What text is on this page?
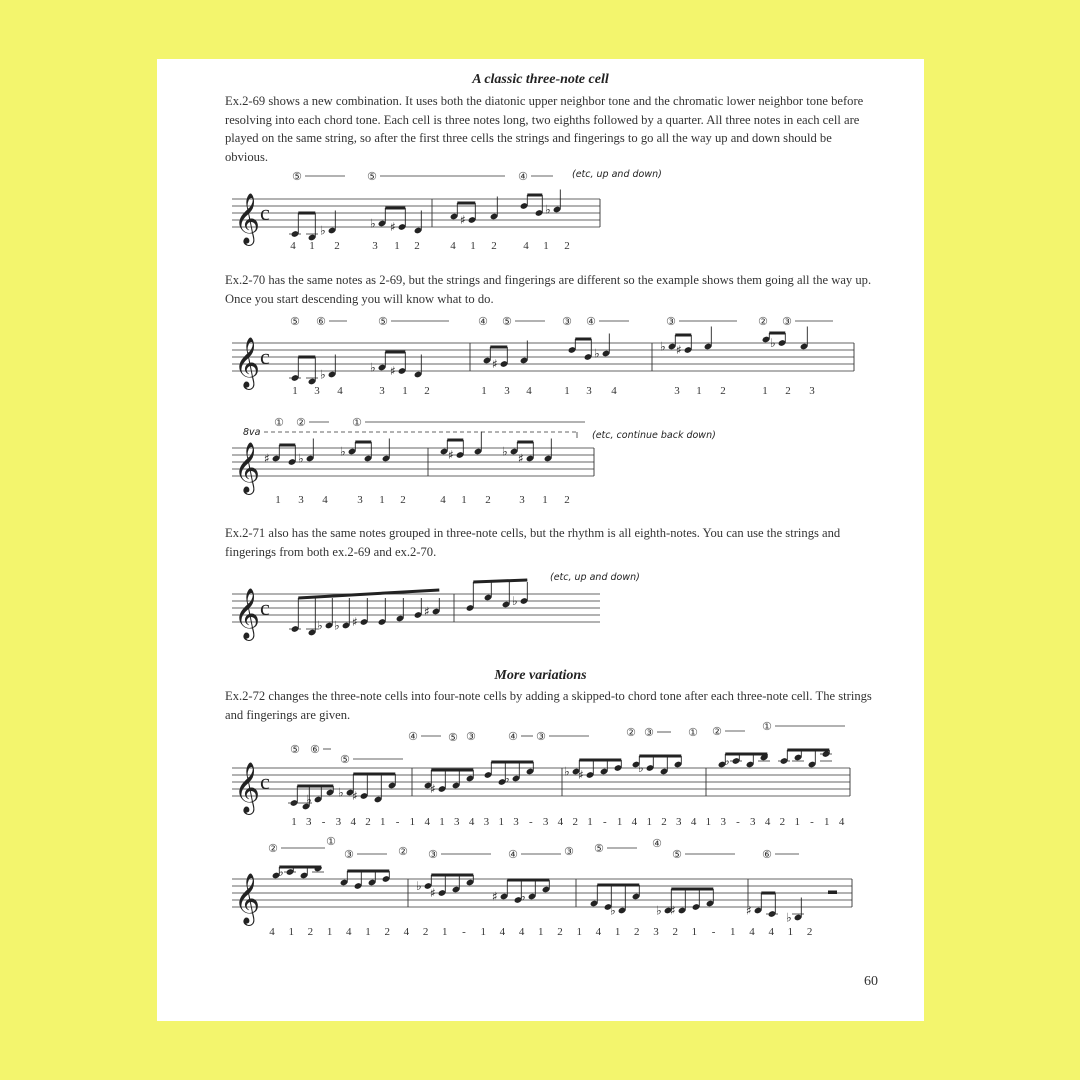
A classic three-note cell
Ex.2-69 shows a new combination. It uses both the diatonic upper neighbor tone and the chromatic lower neighbor tone before resolving into each chord tone. Each cell is three notes long, two eighths followed by a quarter. All three notes in each cell are played on the same string, so after the first three cells the strings and fingerings to go all the way up and down should be obvious.
𝄞 c
♭	♭ ♯	♯
♭
⑤	⑤	④	(etc, up and down)
4 1 2	3 1 2	4 1 2 4 1 2
Ex.2-70 has the same notes as 2-69, but the strings and fingerings are different so the example shows them going all the way up. Once you start descending you will know what to do.
𝄞 c
♭	♭ ♯	♯
♭	♭ ♯	♭
⑤ ⑥	⑤	④ ⑤	③ ④	③	② ③
1 3 4	3 1 2	1 3 4	1 3 4	3 1 2	1 2 3
8va
𝄞 ♯ ♭	♭	♯	♭ ♯
① ②	①
(etc, continue back down)
1 3 4	3 1 2	4 1 2	3 1 2
Ex.2-71 also has the same notes grouped in three-note cells, but the rhythm is all eighth-notes. You can use the strings and fingerings from both ex.2-69 and ex.2-70.
𝄞 c
♭ ♭ ♯
♯
♭
(etc, up and down)
More variations
Ex.2-72 changes the three-note cells into four-note cells by adding a skipped-to chord tone after each three-note cell. The strings and fingerings are given.
𝄞 c
♭ ♭ ♯	♯
♭	♭ ♯	♭	♭
⑤ ⑥
⑤
④	⑤ ③	④ ③	② ③	① ②	①
1 3 - 3 4 2 1 - 1 4 1 3 4 3 1 3 - 3 4 2 1 - 1 4 1 2 3 4 1 3 - 3 4 2 1 - 1 4
𝄞
♭
♭ ♯	♯ ♭
♭	♭ ♯	♯	♭
②
①
③	② ③	④	③ ⑤	④
⑤	⑥
4 1 2 1 4 1 2 4 2 1 - 1 4 4 1 2 1 4 1 2 3 2 1 - 1 4 4 1 2
60
